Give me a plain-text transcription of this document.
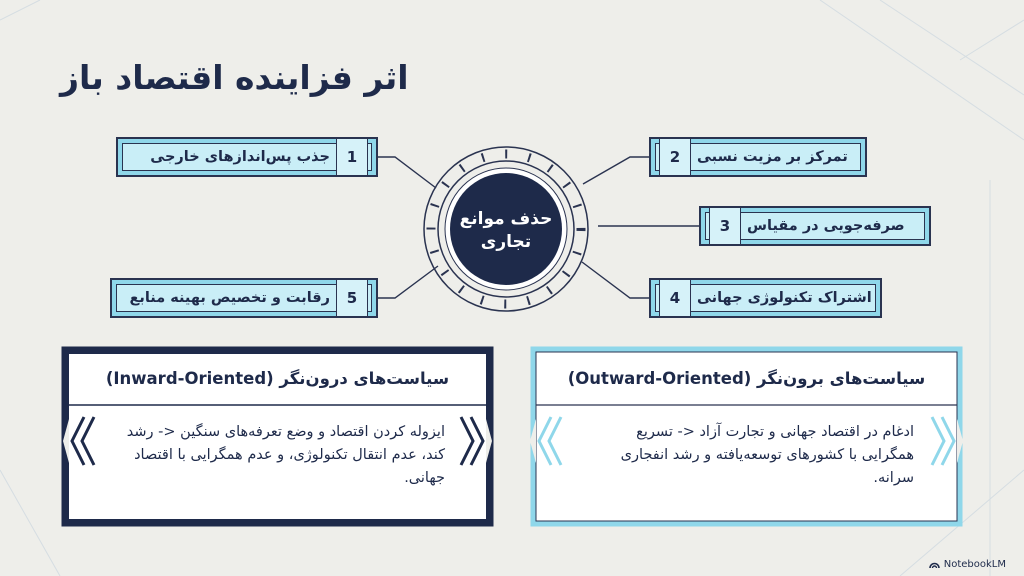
اثر فزاینده اقتصاد باز
حذف موانع تجاری
جذب پس‌اندازهای خارجی	1	2	تمرکز بر مزیت نسبی
3	صرفه‌جویی در مقیاس
4	اشتراک تکنولوژی جهانی
رقابت و تخصیص بهینه منابع	5
سیاست‌های درون‌نگر (Inward-Oriented)
ایزوله کردن اقتصاد و وضع تعرفه‌های سنگین <- رشد کند، عدم انتقال تکنولوژی، و عدم همگرایی با اقتصاد جهانی.
سیاست‌های برون‌نگر (Outward-Oriented)
ادغام در اقتصاد جهانی و تجارت آزاد <- تسریع همگرایی با کشورهای توسعه‌یافته و رشد انفجاری سرانه.
NotebookLM
